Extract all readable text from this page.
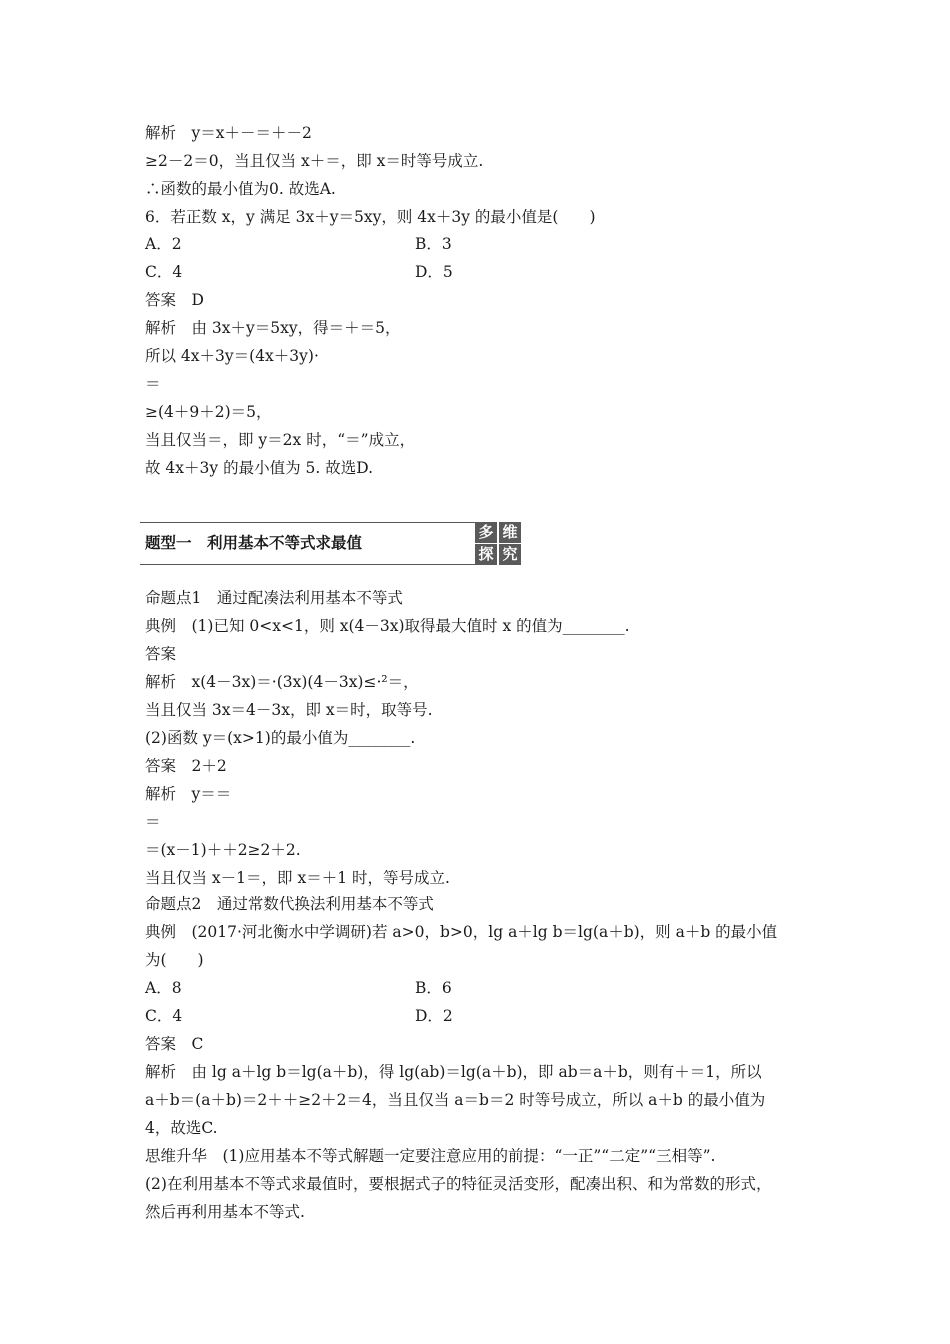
解析　y＝x＋－＝＋－2
≥2－2＝0，当且仅当 x＋＝，即 x＝时等号成立.
∴函数的最小值为0. 故选A.
6．若正数 x，y 满足 3x＋y＝5xy，则 4x＋3y 的最小值是(　　)
A．2	B．3
C．4	D．5
答案　D
解析　由 3x＋y＝5xy，得＝＋＝5，
所以 4x＋3y＝(4x＋3y)·
＝
≥(4＋9＋2)＝5，
当且仅当＝，即 y＝2x 时，“＝”成立，
故 4x＋3y 的最小值为 5. 故选D.
题型一　利用基本不等式求最值
多 维
探 究
命题点1　通过配凑法利用基本不等式
典例　(1)已知 0<x<1，则 x(4－3x)取得最大值时 x 的值为________.
答案
解析　x(4－3x)＝·(3x)(4－3x)≤·²＝，
当且仅当 3x＝4－3x，即 x＝时，取等号.
(2)函数 y＝(x>1)的最小值为________.
答案　2＋2
解析　y＝＝
＝
＝(x－1)＋＋2≥2＋2.
当且仅当 x－1＝，即 x＝＋1 时，等号成立.
命题点2　通过常数代换法利用基本不等式
典例　(2017·河北衡水中学调研)若 a>0，b>0，lg a＋lg b＝lg(a＋b)，则 a＋b 的最小值
为(　　)
A．8	B．6
C．4	D．2
答案　C
解析　由 lg a＋lg b＝lg(a＋b)，得 lg(ab)＝lg(a＋b)，即 ab＝a＋b，则有＋＝1，所以
a＋b＝(a＋b)＝2＋＋≥2＋2＝4，当且仅当 a＝b＝2 时等号成立，所以 a＋b 的最小值为
4，故选C.
思维升华　(1)应用基本不等式解题一定要注意应用的前提：“一正”“二定”“三相等”.
(2)在利用基本不等式求最值时，要根据式子的特征灵活变形，配凑出积、和为常数的形式，
然后再利用基本不等式.
